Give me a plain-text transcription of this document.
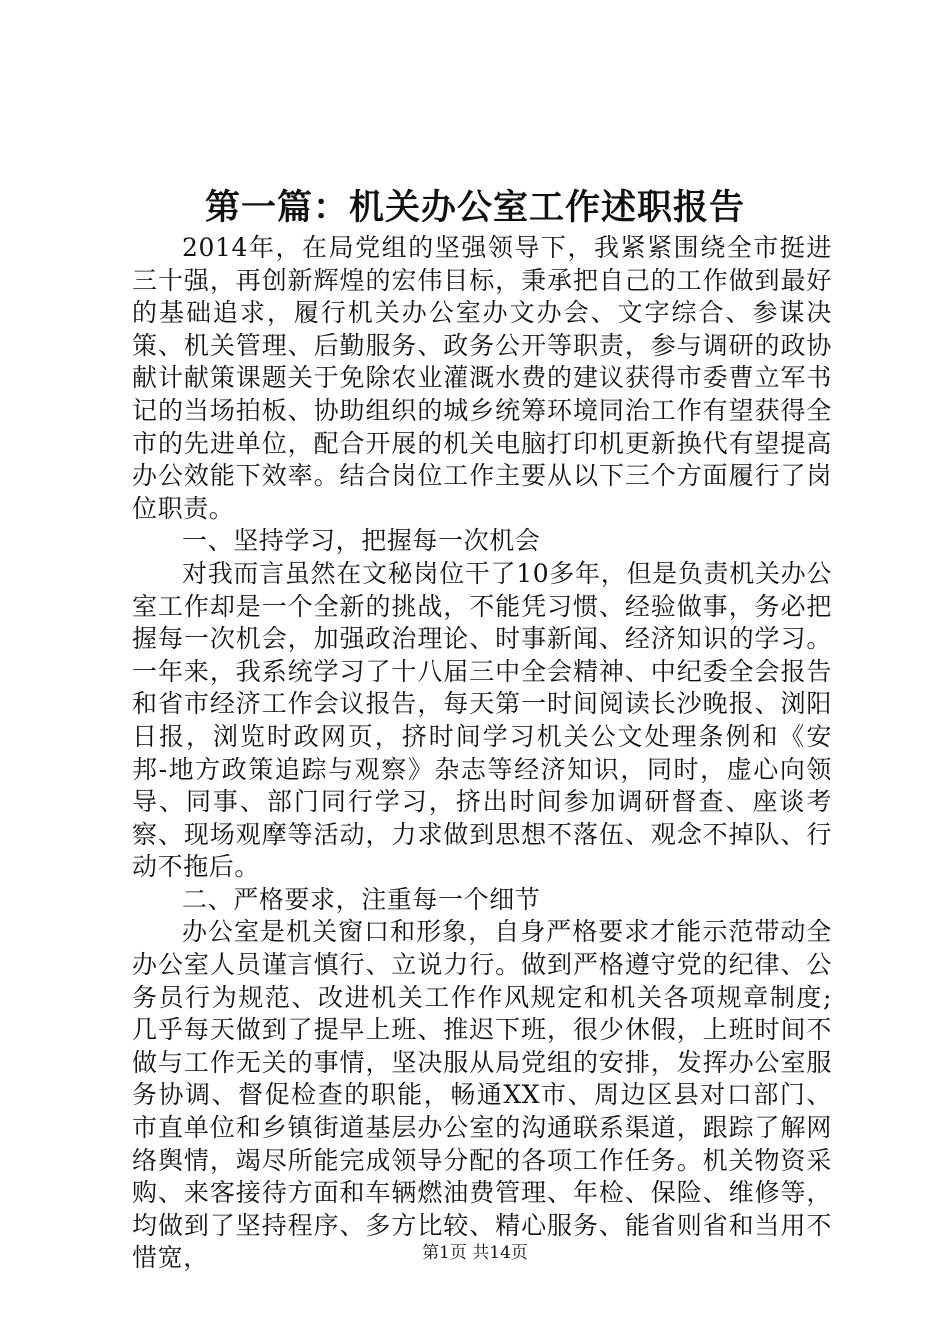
第一篇：机关办公室工作述职报告

2014年，在局党组的坚强领导下，我紧紧围绕全市挺进三十强，再创新辉煌的宏伟目标，秉承把自己的工作做到最好的基础追求，履行机关办公室办文办会、文字综合、参谋决策、机关管理、后勤服务、政务公开等职责，参与调研的政协献计献策课题关于免除农业灌溉水费的建议获得市委曹立军书记的当场拍板、协助组织的城乡统筹环境同治工作有望获得全市的先进单位，配合开展的机关电脑打印机更新换代有望提高办公效能下效率。结合岗位工作主要从以下三个方面履行了岗位职责。

一、坚持学习，把握每一次机会

对我而言虽然在文秘岗位干了10多年，但是负责机关办公室工作却是一个全新的挑战，不能凭习惯、经验做事，务必把握每一次机会，加强政治理论、时事新闻、经济知识的学习。一年来，我系统学习了十八届三中全会精神、中纪委全会报告和省市经济工作会议报告，每天第一时间阅读长沙晚报、浏阳日报，浏览时政网页，挤时间学习机关公文处理条例和《安邦-地方政策追踪与观察》杂志等经济知识，同时，虚心向领导、同事、部门同行学习，挤出时间参加调研督查、座谈考察、现场观摩等活动，力求做到思想不落伍、观念不掉队、行动不拖后。

二、严格要求，注重每一个细节

办公室是机关窗口和形象，自身严格要求才能示范带动全办公室人员谨言慎行、立说力行。做到严格遵守党的纪律、公务员行为规范、改进机关工作作风规定和机关各项规章制度;几乎每天做到了提早上班、推迟下班，很少休假，上班时间不做与工作无关的事情，坚决服从局党组的安排，发挥办公室服务协调、督促检查的职能，畅通XX市、周边区县对口部门、市直单位和乡镇街道基层办公室的沟通联系渠道，跟踪了解网络舆情，竭尽所能完成领导分配的各项工作任务。机关物资采购、来客接待方面和车辆燃油费管理、年检、保险、维修等，均做到了坚持程序、多方比较、精心服务、能省则省和当用不惜宽，	第1页 共14页
